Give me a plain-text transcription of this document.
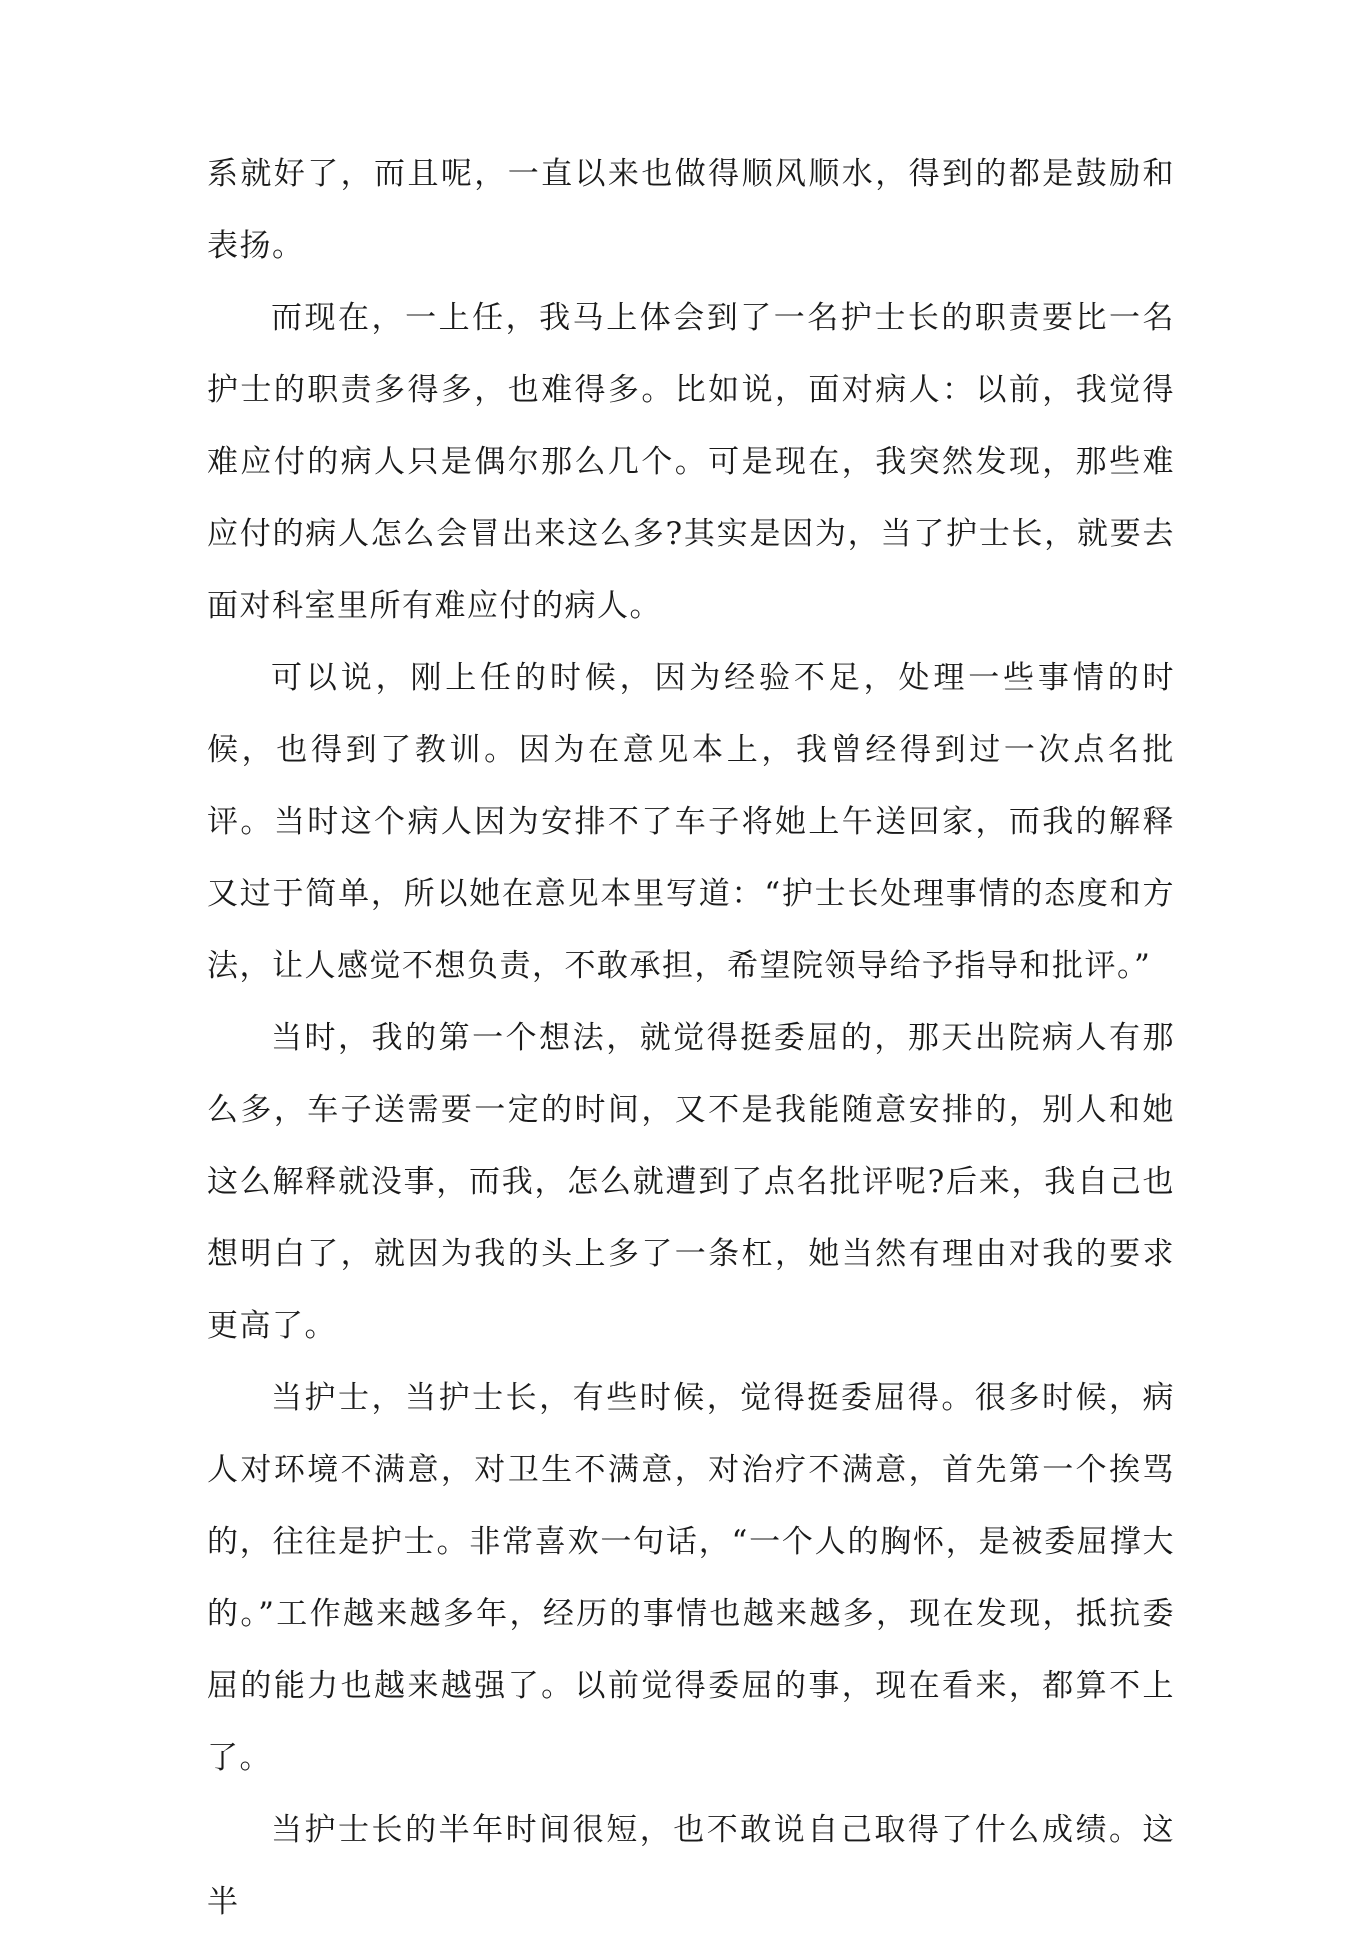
系就好了，而且呢，一直以来也做得顺风顺水，得到的都是鼓励和表扬。

而现在，一上任，我马上体会到了一名护士长的职责要比一名护士的职责多得多，也难得多。比如说，面对病人：以前，我觉得难应付的病人只是偶尔那么几个。可是现在，我突然发现，那些难应付的病人怎么会冒出来这么多?其实是因为，当了护士长，就要去面对科室里所有难应付的病人。

可以说，刚上任的时候，因为经验不足，处理一些事情的时候，也得到了教训。因为在意见本上，我曾经得到过一次点名批评。当时这个病人因为安排不了车子将她上午送回家，而我的解释又过于简单，所以她在意见本里写道：“护士长处理事情的态度和方法，让人感觉不想负责，不敢承担，希望院领导给予指导和批评。”

当时，我的第一个想法，就觉得挺委屈的，那天出院病人有那么多，车子送需要一定的时间，又不是我能随意安排的，别人和她这么解释就没事，而我，怎么就遭到了点名批评呢?后来，我自己也想明白了，就因为我的头上多了一条杠，她当然有理由对我的要求更高了。

当护士，当护士长，有些时候，觉得挺委屈得。很多时候，病人对环境不满意，对卫生不满意，对治疗不满意，首先第一个挨骂的，往往是护士。非常喜欢一句话，“一个人的胸怀，是被委屈撑大的。”工作越来越多年，经历的事情也越来越多，现在发现，抵抗委屈的能力也越来越强了。以前觉得委屈的事，现在看来，都算不上了。

当护士长的半年时间很短，也不敢说自己取得了什么成绩。这半
